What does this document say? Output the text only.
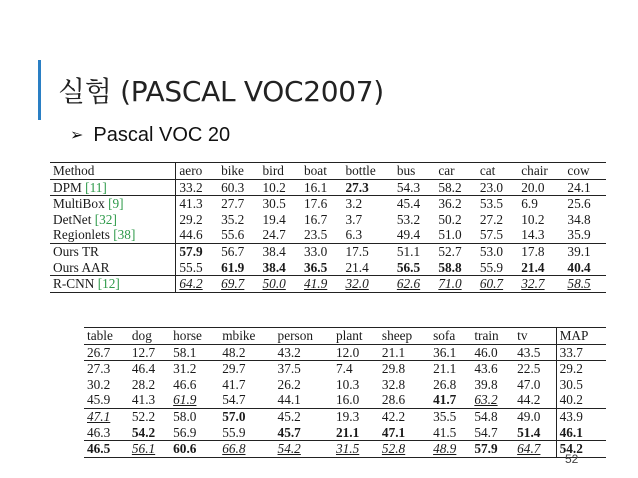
실험 (PASCAL VOC2007)
➢ Pascal VOC 20
Method	aero	bike	bird	boat	bottle	bus	car	cat	chair	cow
DPM [11]	33.2	60.3	10.2	16.1	27.3	54.3	58.2	23.0	20.0	24.1
MultiBox [9]	41.3	27.7	30.5	17.6	3.2	45.4	36.2	53.5	6.9	25.6
DetNet [32]	29.2	35.2	19.4	16.7	3.7	53.2	50.2	27.2	10.2	34.8
Regionlets [38]	44.6	55.6	24.7	23.5	6.3	49.4	51.0	57.5	14.3	35.9
Ours TR	57.9	56.7	38.4	33.0	17.5	51.1	52.7	53.0	17.8	39.1
Ours AAR	55.5	61.9	38.4	36.5	21.4	56.5	58.8	55.9	21.4	40.4
R-CNN [12]	64.2	69.7	50.0	41.9	32.0	62.6	71.0	60.7	32.7	58.5
table	dog	horse	mbike	person	plant	sheep	sofa	train	tv	MAP
26.7	12.7	58.1	48.2	43.2	12.0	21.1	36.1	46.0	43.5	33.7
27.3	46.4	31.2	29.7	37.5	7.4	29.8	21.1	43.6	22.5	29.2
30.2	28.2	46.6	41.7	26.2	10.3	32.8	26.8	39.8	47.0	30.5
45.9	41.3	61.9	54.7	44.1	16.0	28.6	41.7	63.2	44.2	40.2
47.1	52.2	58.0	57.0	45.2	19.3	42.2	35.5	54.8	49.0	43.9
46.3	54.2	56.9	55.9	45.7	21.1	47.1	41.5	54.7	51.4	46.1
46.5	56.1	60.6	66.8	54.2	31.5	52.8	48.9	57.9	64.7	54.2
52
